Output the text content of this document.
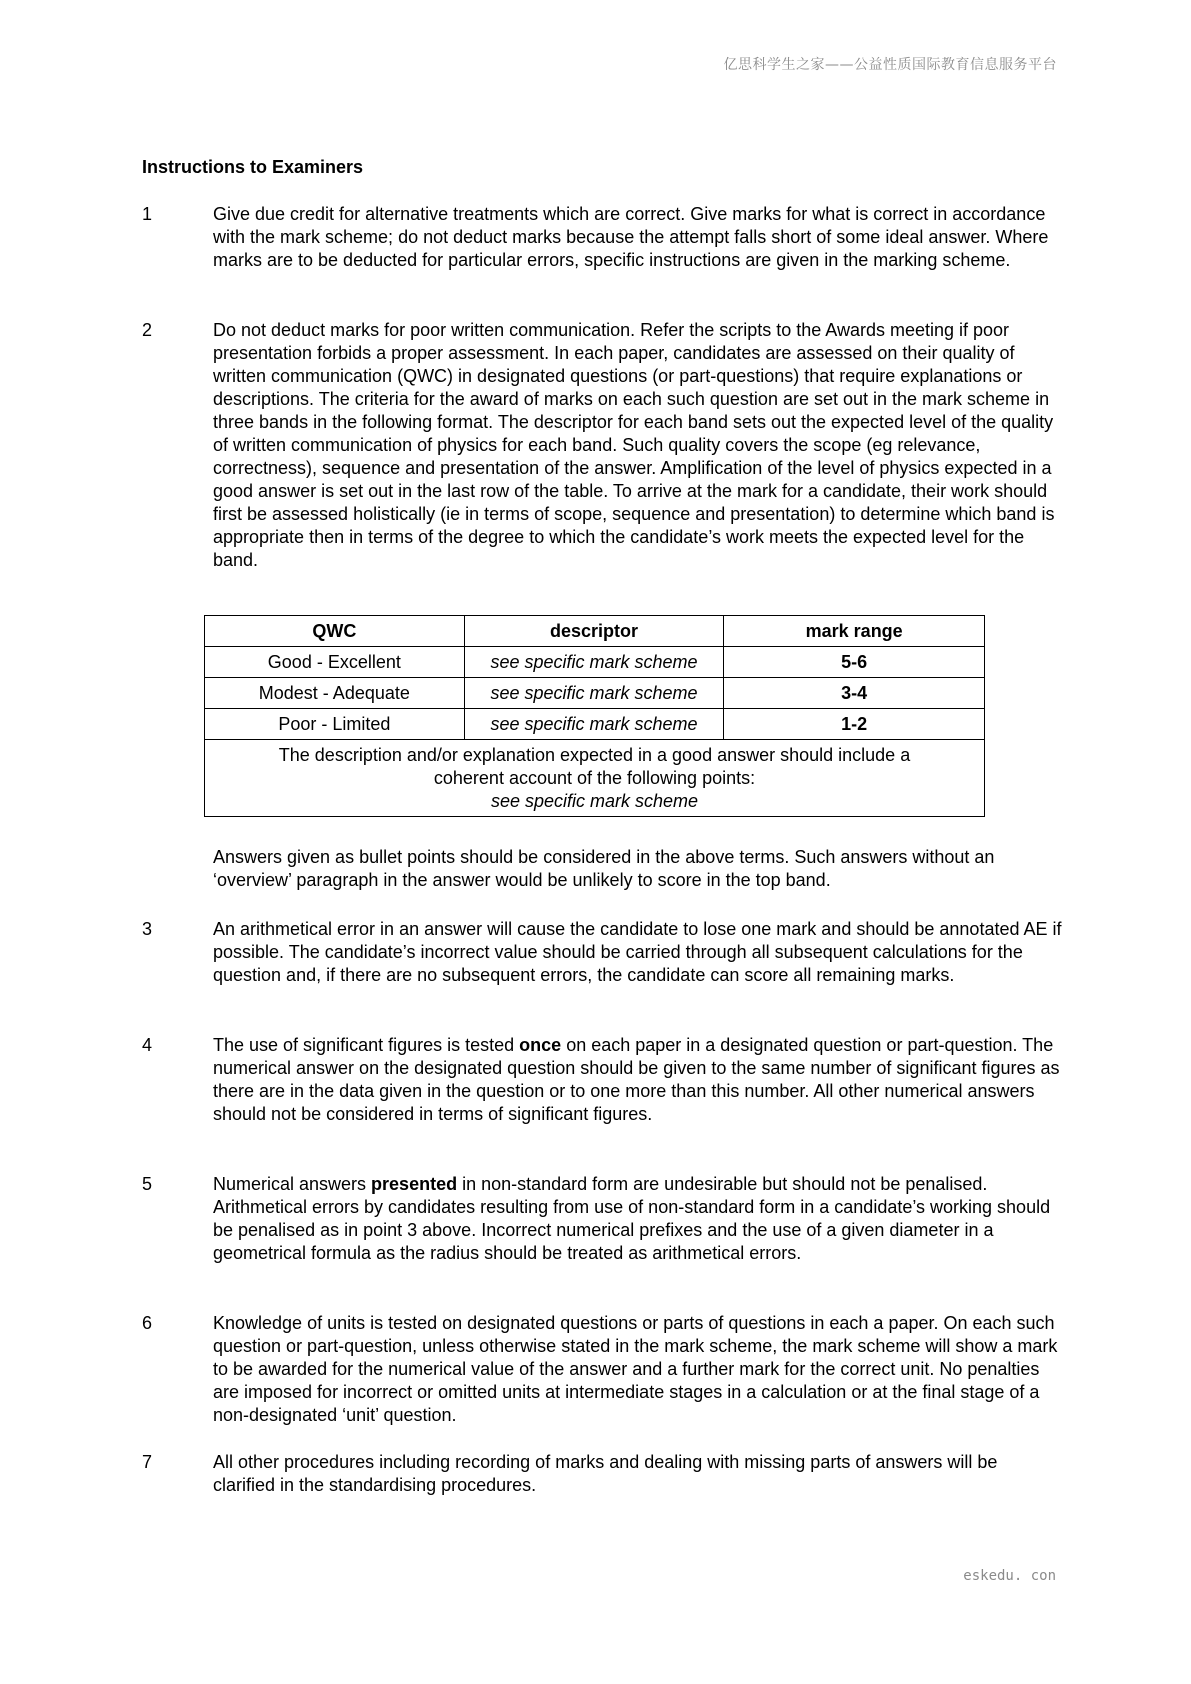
亿思科学生之家——公益性质国际教育信息服务平台
Instructions to Examiners
1	Give due credit for alternative treatments which are correct. Give marks for what is correct in accordance with the mark scheme; do not deduct marks because the attempt falls short of some ideal answer. Where marks are to be deducted for particular errors, specific instructions are given in the marking scheme.

2	Do not deduct marks for poor written communication. Refer the scripts to the Awards meeting if poor presentation forbids a proper assessment. In each paper, candidates are assessed on their quality of written communication (QWC) in designated questions (or part-questions) that require explanations or descriptions. The criteria for the award of marks on each such question are set out in the mark scheme in three bands in the following format. The descriptor for each band sets out the expected level of the quality of written communication of physics for each band. Such quality covers the scope (eg relevance, correctness), sequence and presentation of the answer. Amplification of the level of physics expected in a good answer is set out in the last row of the table. To arrive at the mark for a candidate, their work should first be assessed holistically (ie in terms of scope, sequence and presentation) to determine which band is appropriate then in terms of the degree to which the candidate’s work meets the expected level for the band.

QWC	descriptor	mark range
Good - Excellent	see specific mark scheme	5-6
Modest - Adequate	see specific mark scheme	3-4
Poor - Limited	see specific mark scheme	1-2

The description and/or explanation expected in a good answer should include a coherent account of the following points:
see specific mark scheme		
Answers given as bullet points should be considered in the above terms. Such answers without an ‘overview’ paragraph in the answer would be unlikely to score in the top band.
3	An arithmetical error in an answer will cause the candidate to lose one mark and should be annotated AE if possible. The candidate’s incorrect value should be carried through all subsequent calculations for the question and, if there are no subsequent errors, the candidate can score all remaining marks.

4	The use of significant figures is tested once on each paper in a designated question or part-question. The numerical answer on the designated question should be given to the same number of significant figures as there are in the data given in the question or to one more than this number. All other numerical answers should not be considered in terms of significant figures.

5	Numerical answers presented in non-standard form are undesirable but should not be penalised. Arithmetical errors by candidates resulting from use of non-standard form in a candidate’s working should be penalised as in point 3 above. Incorrect numerical prefixes and the use of a given diameter in a geometrical formula as the radius should be treated as arithmetical errors.

6	Knowledge of units is tested on designated questions or parts of questions in each a paper. On each such question or part-question, unless otherwise stated in the mark scheme, the mark scheme will show a mark to be awarded for the numerical value of the answer and a further mark for the correct unit. No penalties are imposed for incorrect or omitted units at intermediate stages in a calculation or at the final stage of a non-designated ‘unit’ question.

7	All other procedures including recording of marks and dealing with missing parts of answers will be clarified in the standardising procedures.

eskedu. con
